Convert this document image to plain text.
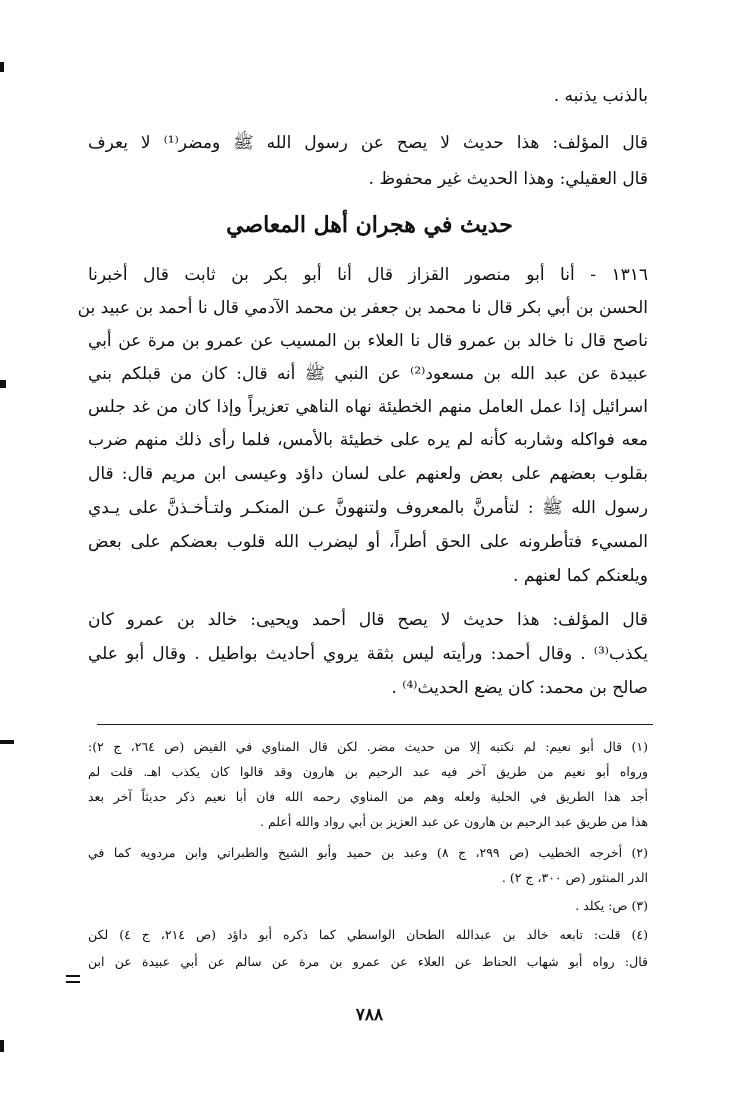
بالذنب يذنبه .
قال المؤلف: هذا حديث لا يصح عن رسول الله ﷺ ومضر⁽¹⁾ لا يعرف
قال العقيلي: وهذا الحديث غير محفوظ .
حديث في هجران أهل المعاصي
١٣١٦ - أنا أبو منصور القزاز قال أنا أبو بكر بن ثابت قال أخبرنا
الحسن بن أبي بكر قال نا محمد بن جعفر بن محمد الآدمي قال نا أحمد بن عبيد بن
ناصح قال نا خالد بن عمرو قال نا العلاء بن المسيب عن عمرو بن مرة عن أبي
عبيدة عن عبد الله بن مسعود⁽²⁾ عن النبي ﷺ أنه قال: كان من قبلكم بني
اسرائيل إذا عمل العامل منهم الخطيئة نهاه الناهي تعزيراً وإذا كان من غد جلس
معه فواكله وشاربه كأنه لم يره على خطيئة بالأمس، فلما رأى ذلك منهم ضرب
بقلوب بعضهم على بعض ولعنهم على لسان داؤد وعيسى ابن مريم قال: قال
رسول الله ﷺ : لتأمرنَّ بالمعروف ولتنهونَّ عـن المنكـر ولتـأخـذنَّ على يـدي
المسيء فتأطرونه على الحق أطراً، أو ليضرب الله قلوب بعضكم على بعض
ويلعنكم كما لعنهم .
قال المؤلف: هذا حديث لا يصح قال أحمد ويحيى: خالد بن عمرو كان
يكذب⁽³⁾ . وقال أحمد: ورأيته ليس بثقة يروي أحاديث بواطيل . وقال أبو علي
صالح بن محمد: كان يضع الحديث⁽⁴⁾ .
(١) قال أبو نعيم: لم نكتبه إلا من حديث مضر. لكن قال المناوي في الفيض (ص ٢٦٤، ج ٢):
ورواه أبو نعيم من طريق آخر فيه عبد الرحيم بن هارون وقد قالوا كان يكذب اهـ. قلت لم
أجد هذا الطريق في الحلية ولعله وهم من المناوي رحمه الله فان أبا نعيم ذكر حديثاً آخر بعد
هذا من طريق عبد الرحيم بن هارون عن عبد العزيز بن أبي رواد والله أعلم .
(٢) أخرجه الخطيب (ص ٢٩٩، ج ٨) وعبد بن حميد وأبو الشيخ والطبراني وابن مردويه كما في
الدر المنثور (ص ٣٠٠، ج ٢) .
(٣) ص: يكلد .
(٤) قلت: تابعه خالد بن عبدالله الطحان الواسطي كما ذكره أبو داؤد (ص ٢١٤، ج ٤) لكن
قال: رواه أبو شهاب الحناط عن العلاء عن عمرو بن مرة عن سالم عن أبي عبيدة عن ابن
٧٨٨
